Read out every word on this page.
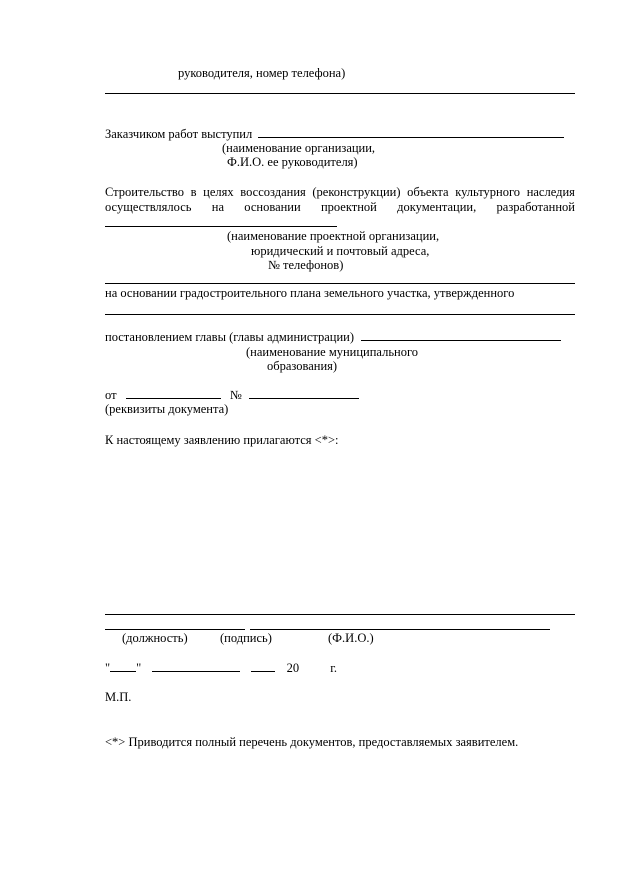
руководителя, номер телефона)
Заказчиком работ выступил
(наименование организации,
Ф.И.О. ее руководителя)
Строительство в целях воссоздания (реконструкции) объекта культурного наследия
осуществлялось на основании проектной документации, разработанной
(наименование проектной организации,
юридический и почтовый адреса,
№ телефонов)
на основании градостроительного плана земельного участка, утвержденного
постановлением главы (главы администрации)
(наименование муниципального
образования)
от	№
(реквизиты документа)
К настоящему заявлению прилагаются <*>:
(должность)	(подпись)	(Ф.И.О.)
" "	20 г.
М.П.
<*> Приводится полный перечень документов, предоставляемых заявителем.
